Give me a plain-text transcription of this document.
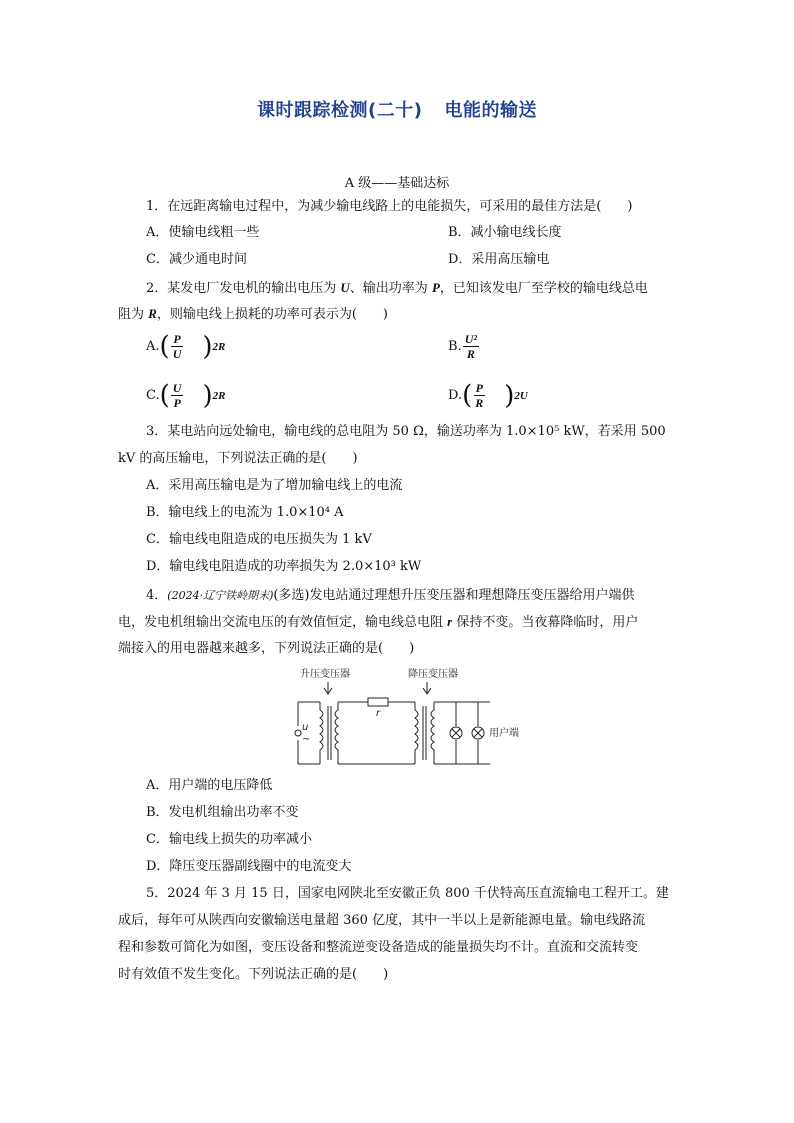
课时跟踪检测(二十) 电能的输送
A 级——基础达标
1．在远距离输电过程中，为减少输电线路上的电能损失，可采用的最佳方法是(　　)
A．使输电线粗一些	B．减小输电线长度
C．减少通电时间	D．采用高压输电
2．某发电厂发电机的输出电压为 U、输出功率为 P，已知该发电厂至学校的输电线总电
阻为 R，则输电线上损耗的功率可表示为(　　)
$A.( \frac{P}{U} )^{2R}$	B. $\frac{\text{U²}}{R}$
$C.( \frac{U}{P} )^{2R}$	$D.( \frac{P}{R} )^{2U}$
3．某电站向远处输电，输电线的总电阻为 50 Ω，输送功率为 1.0×10⁵ kW，若采用 500
kV 的高压输电，下列说法正确的是(　　)
A．采用高压输电是为了增加输电线上的电流
B．输电线上的电流为 1.0×10⁴ A
C．输电线电阻造成的电压损失为 1 kV
D．输电线电阻造成的功率损失为 2.0×10³ kW
4．(2024·辽宁铁岭期末)(多选)发电站通过理想升压变压器和理想降压变压器给用户端供
电，发电机组输出交流电压的有效值恒定，输电线总电阻 r 保持不变。当夜幕降临时，用户
端接入的用电器越来越多，下列说法正确的是(　　)
升压变压器	降压变压器
r
u
~
用户端
A．用户端的电压降低
B．发电机组输出功率不变
C．输电线上损失的功率减小
D．降压变压器副线圈中的电流变大
5．2024 年 3 月 15 日，国家电网陕北至安徽正负 800 千伏特高压直流输电工程开工。建
成后，每年可从陕西向安徽输送电量超 360 亿度，其中一半以上是新能源电量。输电线路流
程和参数可简化为如图，变压设备和整流逆变设备造成的能量损失均不计。直流和交流转变
时有效值不发生变化。下列说法正确的是(　　)
